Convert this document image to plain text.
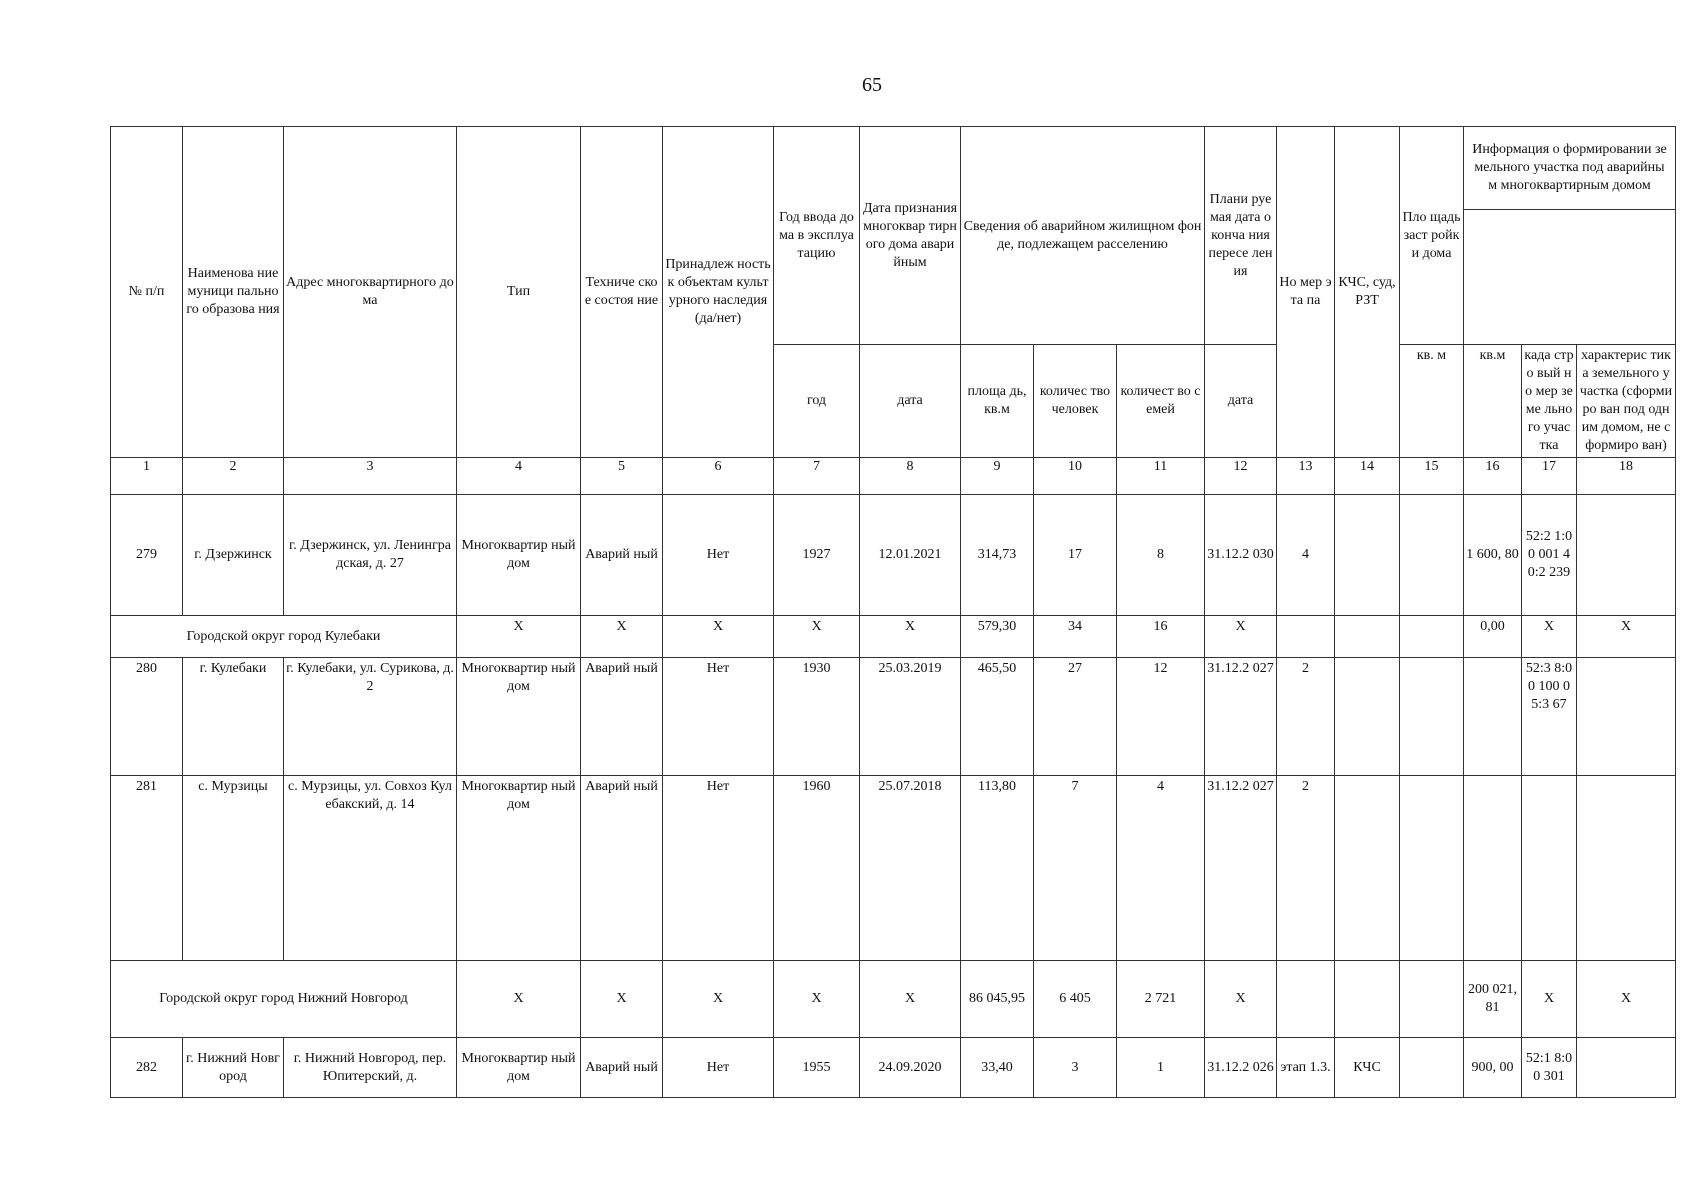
65
№ п/п	Наименова ние муници пального образова ния	Адрес многоквартирного дома	Тип	Техниче ское состоя ние	Принадлеж ность к объектам культурного наследия (да/нет)	Год ввода дома в эксплуа тацию	Дата признания многоквар тирного дома аварийным	Сведения об аварийном жилищном фонде, подлежащем расселению			Плани руемая дата оконча ния пересе ления	Но мер эта па	КЧС, суд, РЗТ	Пло щадь заст ройки дома	Информация о формировании земельного участка под аварийным многоквартирным домом		

						год	дата	площа дь, кв.м	количес тво человек	количест во семей	дата			кв. м	кв.м	када стро вый но мер земе льно го учас тка	характерис тика земельного участка (сформиро ван под одним домом, не сформиро ван)
1	2	3	4	5	6	7	8	9	10	11	12	13	14	15	16	17	18
279	г. Дзержинск	г. Дзержинск, ул. Ленинградская, д. 27	Многоквартир ный дом	Аварий ный	Нет	1927	12.01.2021	314,73	17	8	31.12.2 030	4			1 600, 80	52:2 1:00 001 40:2 239	
Городской округ город Кулебаки			Х	Х	Х	Х	Х	579,30	34	16	Х				0,00	Х	Х
280	г. Кулебаки	г. Кулебаки, ул. Сурикова, д. 2	Многоквартир ный дом	Аварий ный	Нет	1930	25.03.2019	465,50	27	12	31.12.2 027	2				52:3 8:00 100 05:3 67	
281	с. Мурзицы	с. Мурзицы, ул. Совхоз Кулебакский, д. 14	Многоквартир ный дом	Аварий ный	Нет	1960	25.07.2018	113,80	7	4	31.12.2 027	2					
Городской округ город Нижний Новгород			Х	Х	Х	Х	Х	86 045,95	6 405	2 721	Х				200 021, 81	Х	Х
282	г. Нижний Новгород	г. Нижний Новгород, пер. Юпитерский, д.	Многоквартир ный дом	Аварий ный	Нет	1955	24.09.2020	33,40	3	1	31.12.2 026	этап 1.3.	КЧС		900, 00	52:1 8:00 301	
